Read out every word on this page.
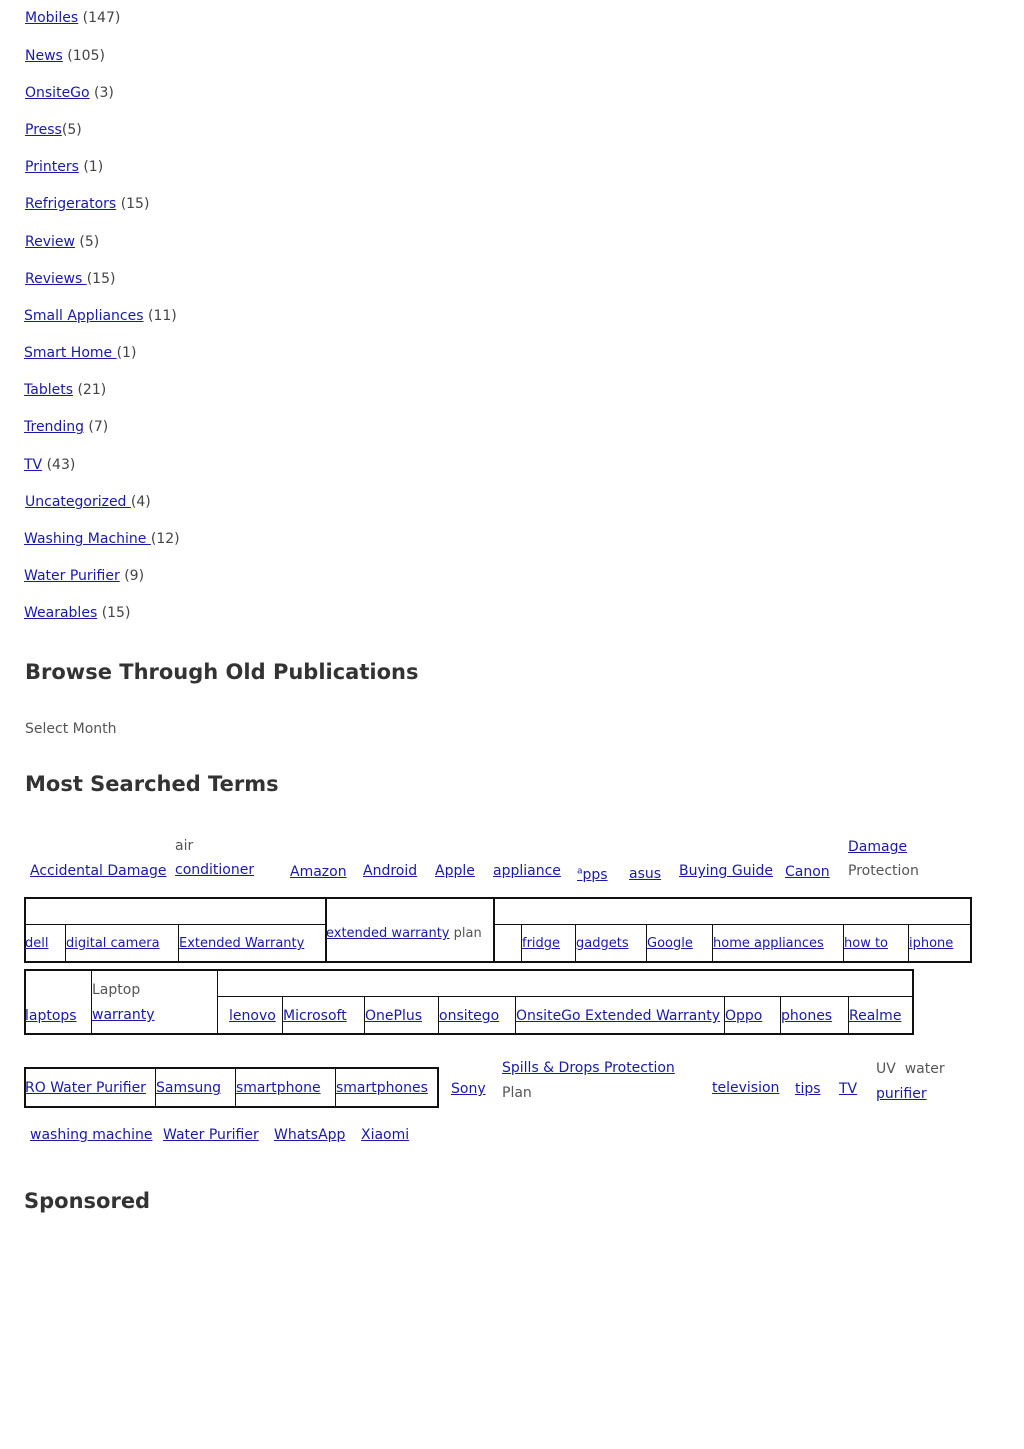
Mobiles (147)
News (105)
OnsiteGo (3)
Press(5)
Printers (1)
Refrigerators (15)
Review (5)
Reviews (15)
Small Appliances (11)
Smart Home (1)
Tablets (21)
Trending (7)
TV (43)
Uncategorized (4)
Washing Machine (12)
Water Purifier (9)
Wearables (15)
Browse Through Old Publications
Select Month
Most Searched Terms
Accidental Damage
air
conditioner	Amazon Android Apple appliance $^a$pps asus Buying Guide Canon
Damage
Protection
dell digital camera Extended Warranty
extended warranty plan
fridge gadgets Google home appliances how to iphone
laptops
Laptop
warranty	lenovo Microsoft OnePlus onsitego OnsiteGo Extended Warranty Oppo phones Realme
RO Water Purifier Samsung smartphone smartphones Sony
Spills & Drops Protection
Plan	television tips TV
UV  water
purifier
washing machine Water Purifier WhatsApp Xiaomi
Sponsored
